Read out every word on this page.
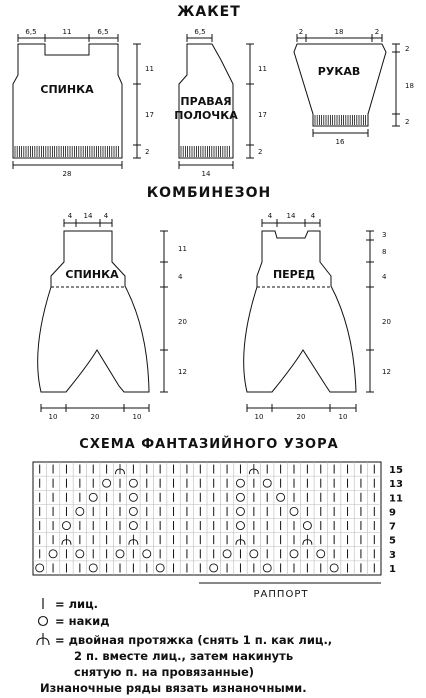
ЖАКЕТ
КОМБИНЕЗОН
СХЕМА ФАНТАЗИЙНОГО УЗОРА
6,5	11	6,5
11
17
2
28
СПИНКА
6,5
11
17
2
14
ПРАВАЯ
ПОЛОЧКА
2	18	2
2
18
2
16
РУКАВ
4 14 4
11
4
20
12
10	20	10
СПИНКА
4 14 4
3
8
4
20
12
10	20	10
ПЕРЕД
15
13
11
9
7
5
3
1
РАППОРТ
= лиц.
= накид
= двойная протяжка (снять 1 п. как лиц.,
2 п. вместе лиц., затем накинуть
снятую п. на провязанные)
Изнаночные ряды вязать изнаночными.
